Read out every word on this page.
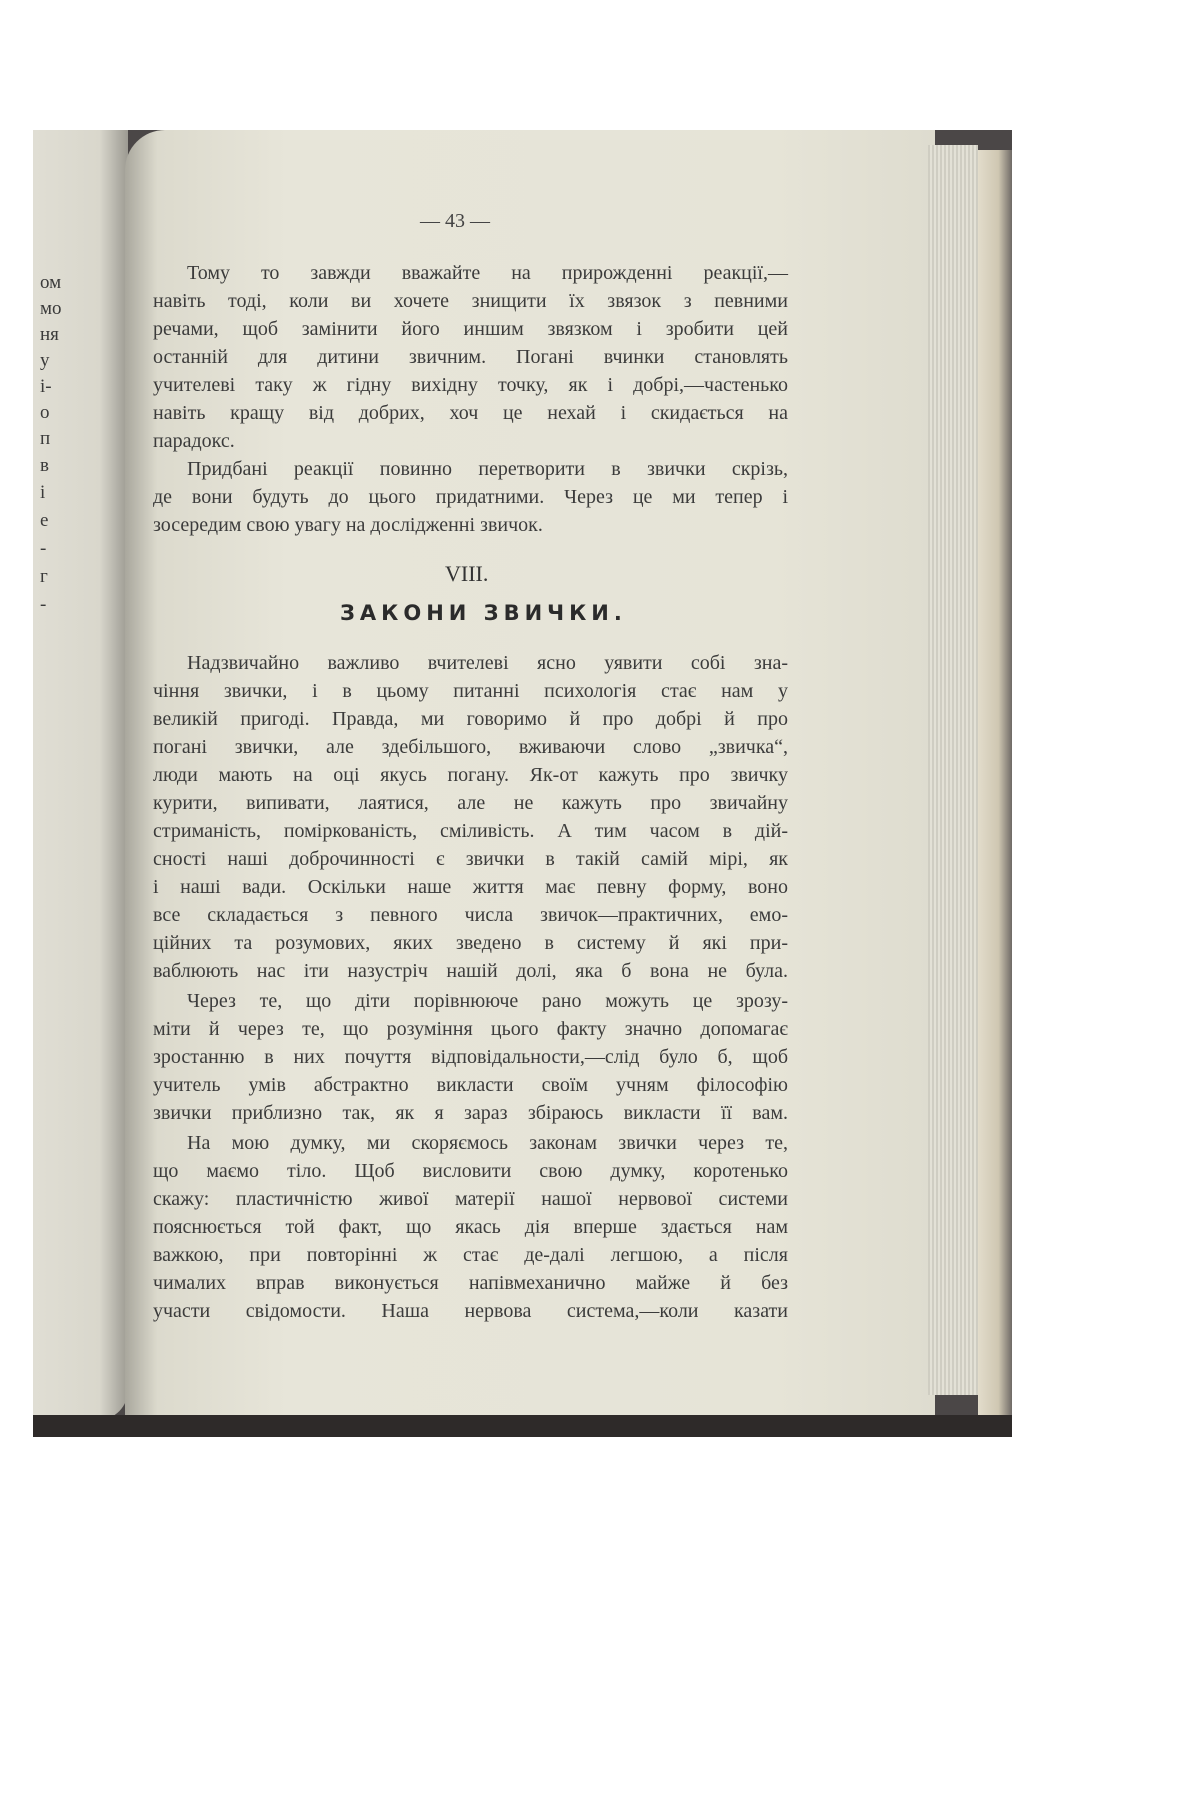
— 43 —
VIII.
ЗАКОНИ ЗВИЧКИ.
ом
мо
ня
у
і-
о
п
в
і
е
-
г
-
Тому то завжди вважайте на прирожденні реакції,—
навіть тоді, коли ви хочете знищити їх звязок з певними
речами, щоб замінити його иншим звязком і зробити цей
останній для дитини звичним. Погані вчинки становлять
учителеві таку ж гідну вихідну точку, як і добрі,—частенько
навіть кращу від добрих, хоч це нехай і скидається на
парадокс.
Придбані реакції повинно перетворити в звички скрізь,
де вони будуть до цього придатними. Через це ми тепер і
зосередим свою увагу на дослідженні звичок.
Надзвичайно важливо вчителеві ясно уявити собі зна-
чіння звички, і в цьому питанні психологія стає нам у
великій пригоді. Правда, ми говоримо й про добрі й про
погані звички, але здебільшого, вживаючи слово „звичка“,
люди мають на оці якусь погану. Як-от кажуть про звичку
курити, випивати, лаятися, але не кажуть про звичайну
стриманість, поміркованість, сміливість. А тим часом в дій-
сності наші доброчинності є звички в такій самій мірі, як
і наші вади. Оскільки наше життя має певну форму, воно
все складається з певного числа звичок—практичних, емо-
ційних та розумових, яких зведено в систему й які при-
ваблюють нас іти назустріч нашій долі, яка б вона не була.
Через те, що діти порівнююче рано можуть це зрозу-
міти й через те, що розуміння цього факту значно допомагає
зростанню в них почуття відповідальности,—слід було б, щоб
учитель умів абстрактно викласти своїм учням філософію
звички приблизно так, як я зараз збіраюсь викласти її вам.
На мою думку, ми скоряємось законам звички через те,
що маємо тіло. Щоб висловити свою думку, коротенько
скажу: пластичністю живої матерії нашої нервової системи
пояснюється той факт, що якась дія вперше здається нам
важкою, при повторінні ж стає де-далі легшою, а після
чималих вправ виконується напівмеханично майже й без
участи свідомости. Наша нервова система,—коли казати
